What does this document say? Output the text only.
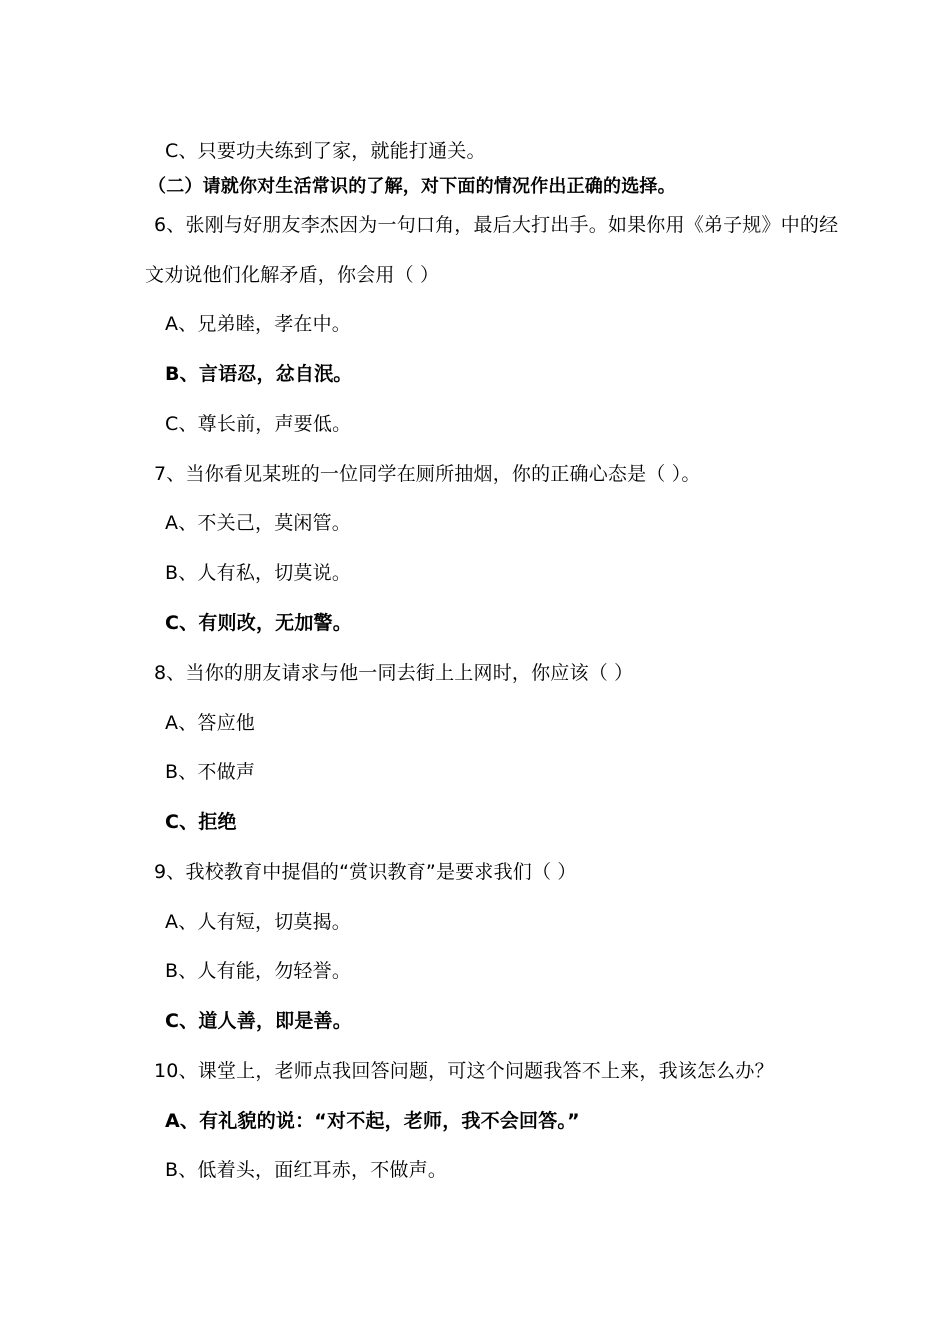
C、只要功夫练到了家，就能打通关。
（二）请就你对生活常识的了解，对下面的情况作出正确的选择。
6、张刚与好朋友李杰因为一句口角，最后大打出手。如果你用《弟子规》中的经
文劝说他们化解矛盾，你会用（ ）
A、兄弟睦，孝在中。
B、言语忍，忿自泯。
C、尊长前，声要低。
7、当你看见某班的一位同学在厕所抽烟，你的正确心态是（ ）。
A、不关己，莫闲管。
B、人有私，切莫说。
C、有则改，无加警。
8、当你的朋友请求与他一同去街上上网时，你应该（ ）
A、答应他
B、不做声
C、拒绝
9、我校教育中提倡的“赏识教育”是要求我们（ ）
A、人有短，切莫揭。
B、人有能，勿轻誉。
C、道人善，即是善。
10、课堂上，老师点我回答问题，可这个问题我答不上来，我该怎么办？
A、有礼貌的说：“对不起，老师，我不会回答。”
B、低着头，面红耳赤，不做声。
